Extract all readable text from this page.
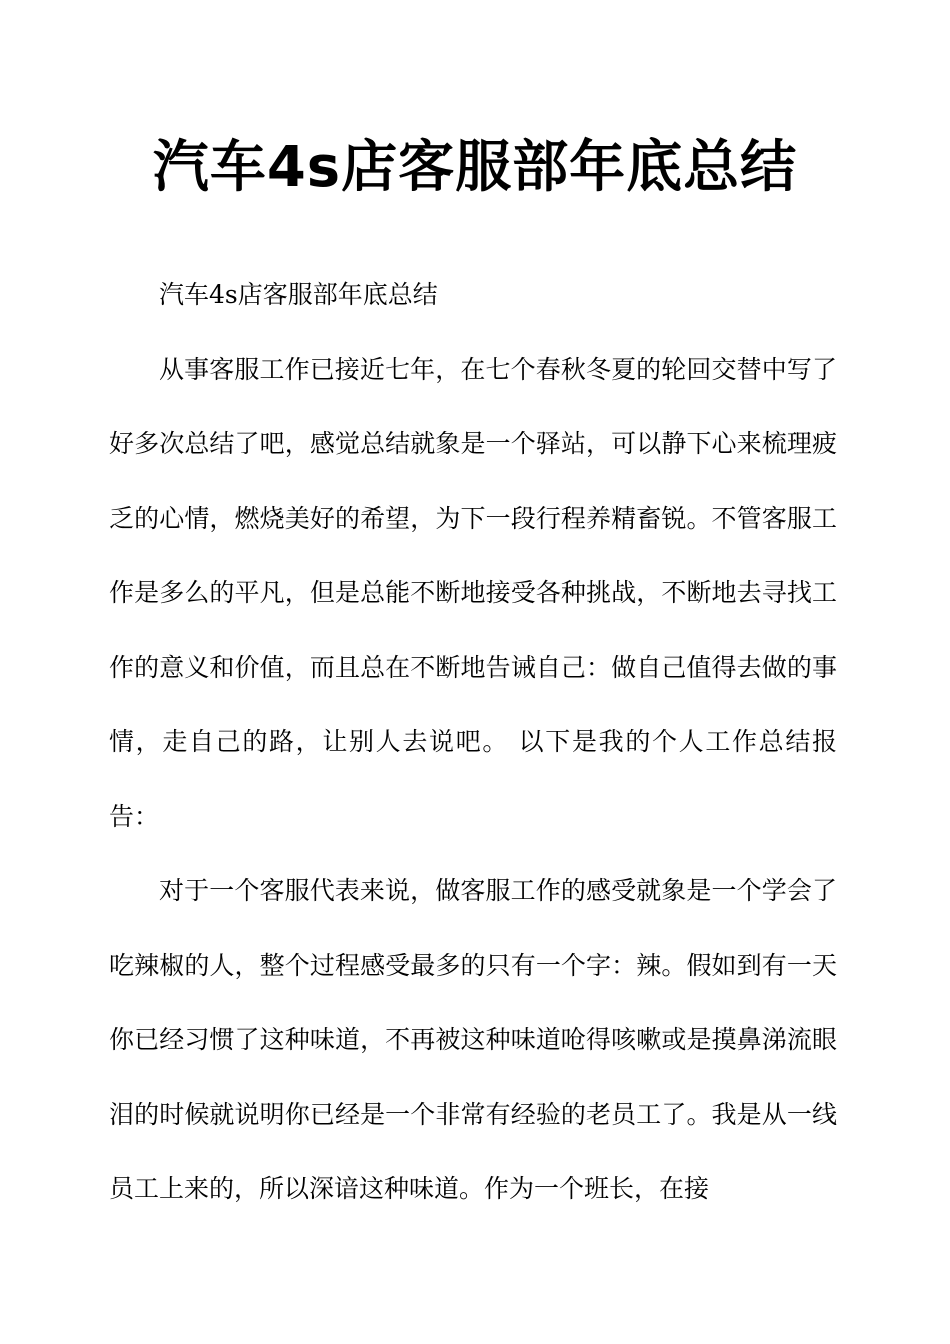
汽车4s店客服部年底总结

汽车4s店客服部年底总结

从事客服工作已接近七年，在七个春秋冬夏的轮回交替中写了好多次总结了吧，感觉总结就象是一个驿站，可以静下心来梳理疲乏的心情，燃烧美好的希望，为下一段行程养精畜锐。不管客服工作是多么的平凡，但是总能不断地接受各种挑战，不断地去寻找工作的意义和价值，而且总在不断地告诫自己：做自己值得去做的事情，走自己的路，让别人去说吧。 以下是我的个人工作总结报告：

对于一个客服代表来说，做客服工作的感受就象是一个学会了吃辣椒的人，整个过程感受最多的只有一个字：辣。假如到有一天你已经习惯了这种味道，不再被这种味道呛得咳嗽或是摸鼻涕流眼泪的时候就说明你已经是一个非常有经验的老员工了。我是从一线员工上来的，所以深谙这种味道。作为一个班长，在接
